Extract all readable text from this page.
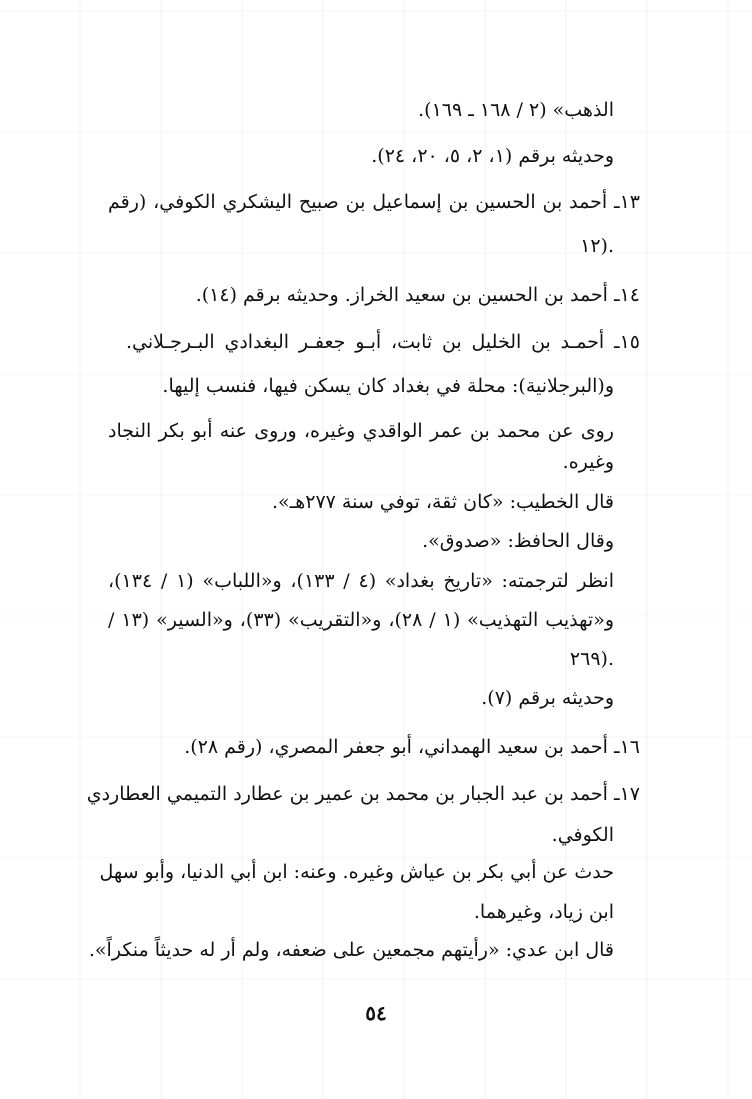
الذهب» (٢ / ١٦٨ ـ ١٦٩).
وحديثه برقم (١، ٢، ٥، ٢٠، ٢٤).
١٣ـ أحمد بن الحسين بن إسماعيل بن صبيح اليشكري الكوفي، (رقم
١٢).
١٤ـ أحمد بن الحسين بن سعيد الخراز. وحديثه برقم (١٤).
١٥ـ أحمـد بن الخليل بن ثابت، أبـو جعفـر البغدادي البـرجـلاني.
و(البرجلانية): محلة في بغداد كان يسكن فيها، فنسب إليها.
روى عن محمد بن عمر الواقدي وغيره، وروى عنه أبو بكر النجاد
وغيره.
قال الخطيب: «كان ثقة، توفي سنة ٢٧٧هـ».
وقال الحافظ: «صدوق».
انظر لترجمته: «تاريخ بغداد» (٤ / ١٣٣)، و«اللباب» (١ / ١٣٤)،
و«تهذيب التهذيب» (١ / ٢٨)، و«التقريب» (٣٣)، و«السير» (١٣ /
٢٦٩).
وحديثه برقم (٧).
١٦ـ أحمد بن سعيد الهمداني، أبو جعفر المصري، (رقم ٢٨).
١٧ـ أحمد بن عبد الجبار بن محمد بن عمير بن عطارد التميمي العطاردي
الكوفي.
حدث عن أبي بكر بن عياش وغيره. وعنه: ابن أبي الدنيا، وأبو سهل
ابن زياد، وغيرهما.
قال ابن عدي: «رأيتهم مجمعين على ضعفه، ولم أر له حديثاً منكراً».
٥٤
